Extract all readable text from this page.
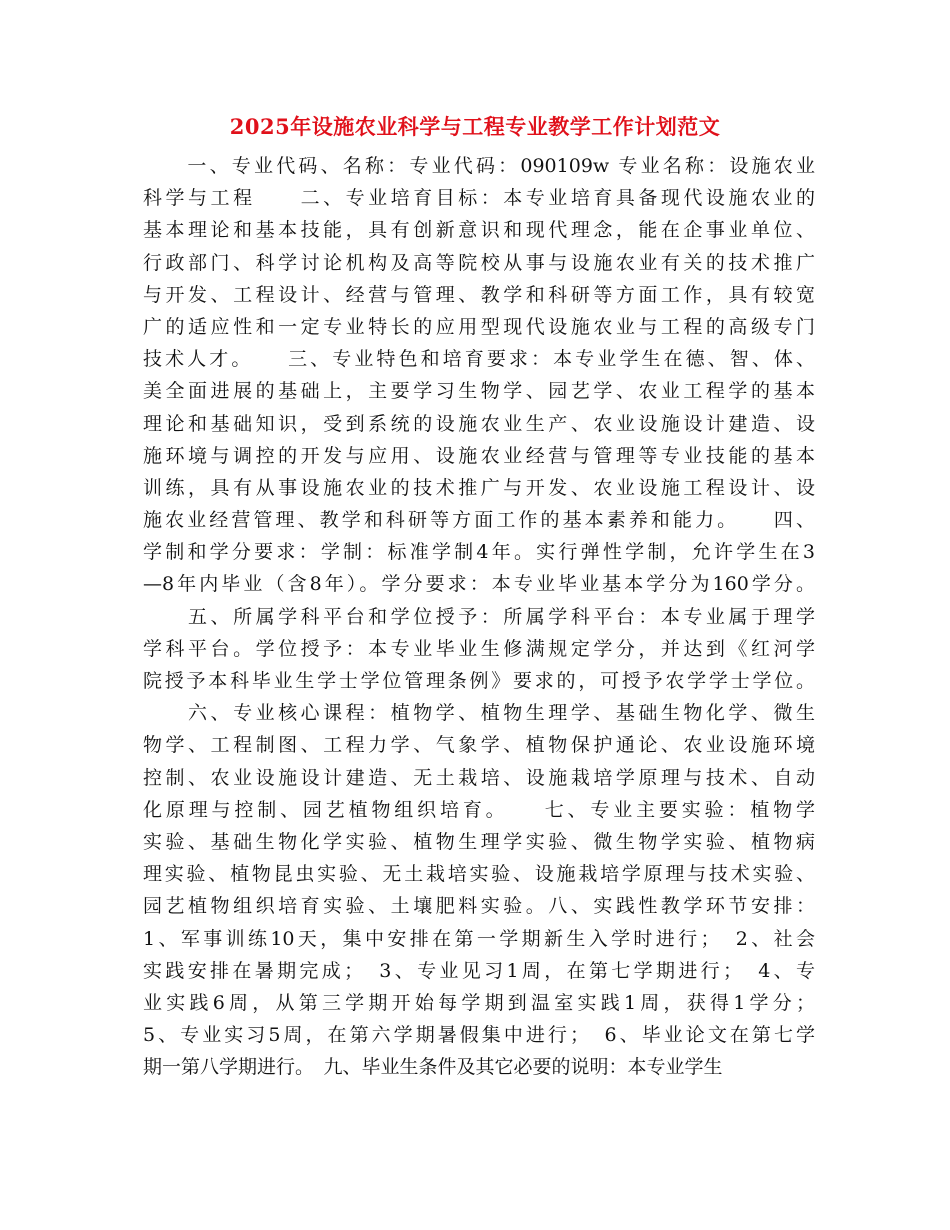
2025年设施农业科学与工程专业教学工作计划范文
　　一、专业代码、名称：专业代码：090109w 专业名称：设施农业
科学与工程　　二、专业培育目标：本专业培育具备现代设施农业的
基本理论和基本技能，具有创新意识和现代理念，能在企事业单位、
行政部门、科学讨论机构及高等院校从事与设施农业有关的技术推广
与开发、工程设计、经营与管理、教学和科研等方面工作，具有较宽
广的适应性和一定专业特长的应用型现代设施农业与工程的高级专门
技术人才。　　三、专业特色和培育要求：本专业学生在德、智、体、
美全面进展的基础上，主要学习生物学、园艺学、农业工程学的基本
理论和基础知识，受到系统的设施农业生产、农业设施设计建造、设
施环境与调控的开发与应用、设施农业经营与管理等专业技能的基本
训练，具有从事设施农业的技术推广与开发、农业设施工程设计、设
施农业经营管理、教学和科研等方面工作的基本素养和能力。　　四、
学制和学分要求：学制：标准学制4年。实行弹性学制，允许学生在3
—8年内毕业（含8年）。学分要求：本专业毕业基本学分为160学分。
　　五、所属学科平台和学位授予：所属学科平台：本专业属于理学
学科平台。学位授予：本专业毕业生修满规定学分，并达到《红河学
院授予本科毕业生学士学位管理条例》要求的，可授予农学学士学位。
　　六、专业核心课程：植物学、植物生理学、基础生物化学、微生
物学、工程制图、工程力学、气象学、植物保护通论、农业设施环境
控制、农业设施设计建造、无土栽培、设施栽培学原理与技术、自动
化原理与控制、园艺植物组织培育。　　七、专业主要实验：植物学
实验、基础生物化学实验、植物生理学实验、微生物学实验、植物病
理实验、植物昆虫实验、无土栽培实验、设施栽培学原理与技术实验、
园艺植物组织培育实验、土壤肥料实验。八、实践性教学环节安排：
1、军事训练10天，集中安排在第一学期新生入学时进行；　2、社会
实践安排在暑期完成；　3、专业见习1周，在第七学期进行；　4、专
业实践6周，从第三学期开始每学期到温室实践1周，获得1学分；
5、专业实习5周，在第六学期暑假集中进行；　6、毕业论文在第七学
期一第八学期进行。　九、毕业生条件及其它必要的说明：本专业学生
